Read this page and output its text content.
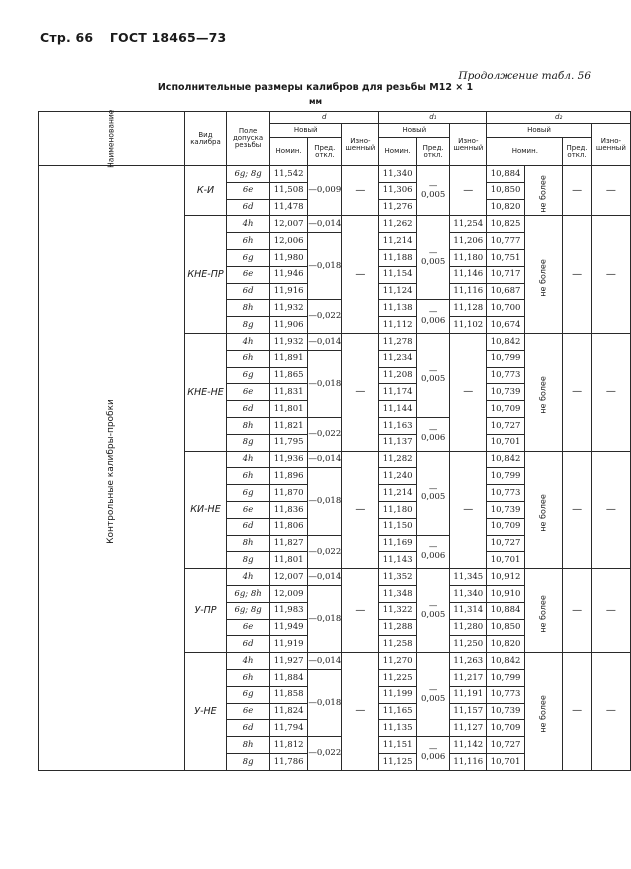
Стр. 66 ГОСТ 18465—73
Продолжение табл. 56
Исполнительные размеры калибров для резьбы M12 × 1
мм
Наименование	Вид калибра	Поле допуска резьбы	d			d₁			d₂			
			Новый		Изно- шенный	Новый		Изно- шенный	Новый			Изно- шенный
			Номин.	Пред. откл.		Номин.	Пред. откл.		Номин.		Пред. откл.	
Контрольные калибры-пробки	К-И	6g; 8g	11,542	—0,009	—	11,340	—0,005	—	10,884	не более	—	—
		6e	11,508			11,306			10,850			
		6d	11,478			11,276			10,820			
	КНЕ-ПР	4h	12,007	—0,014	—	11,262	—0,005	11,254	10,825	не более	—	—
		6h	12,006	—0,018		11,214		11,206	10,777			
		6g	11,980			11,188		11,180	10,751			
		6e	11,946			11,154		11,146	10,717			
		6d	11,916			11,124		11,116	10,687			
		8h	11,932	—0,022		11,138	—0,006	11,128	10,700			
		8g	11,906			11,112		11,102	10,674			
	КНЕ-НЕ	4h	11,932	—0,014	—	11,278	—0,005	—	10,842	не более	—	—
		6h	11,891	—0,018		11,234			10,799			
		6g	11,865			11,208			10,773			
		6e	11,831			11,174			10,739			
		6d	11,801			11,144			10,709			
		8h	11,821	—0,022		11,163	—0,006		10,727			
		8g	11,795			11,137			10,701			
	КИ-НЕ	4h	11,936	—0,014	—	11,282	—0,005	—	10,842	не более	—	—
		6h	11,896	—0,018		11,240			10,799			
		6g	11,870			11,214			10,773			
		6e	11,836			11,180			10,739			
		6d	11,806			11,150			10,709			
		8h	11,827	—0,022		11,169	—0,006		10,727			
		8g	11,801			11,143			10,701			
	У-ПР	4h	12,007	—0,014	—	11,352	—0,005	11,345	10,912	не более	—	—
		6g; 8h	12,009	—0,018		11,348		11,340	10,910			
		6g; 8g	11,983			11,322		11,314	10,884			
		6e	11,949			11,288		11,280	10,850			
		6d	11,919			11,258		11,250	10,820			
	У-НЕ	4h	11,927	—0,014	—	11,270	—0,005	11,263	10,842	не более	—	—
		6h	11,884	—0,018		11,225		11,217	10,799			
		6g	11,858			11,199		11,191	10,773			
		6e	11,824			11,165		11,157	10,739			
		6d	11,794			11,135		11,127	10,709			
		8h	11,812	—0,022		11,151	—0,006	11,142	10,727			
		8g	11,786			11,125		11,116	10,701			
